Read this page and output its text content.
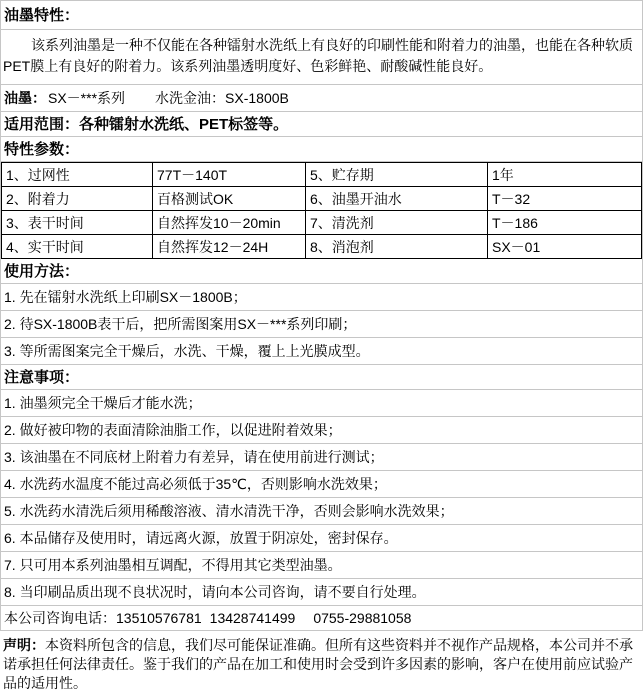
油墨特性：
　　该系列油墨是一种不仅能在各种镭射水洗纸上有良好的印刷性能和附着力的油墨，也能在各种软质PET膜上有良好的附着力。该系列油墨透明度好、色彩鲜艳、耐酸碱性能良好。
油墨： SX－***系列 水洗金油：SX-1800B
适用范围：各种镭射水洗纸、PET标签等。
特性参数：
1、过网性	77T－140T	5、贮存期	1年
2、附着力	百格测试OK	6、油墨开油水	T－32
3、表干时间	自然挥发10－20min	7、清洗剂	T－186
4、实干时间	自然挥发12－24H	8、消泡剂	SX－01
使用方法：
1. 先在镭射水洗纸上印刷SX－1800B；
2. 待SX-1800B表干后，把所需图案用SX－***系列印刷；
3. 等所需图案完全干燥后，水洗、干燥，覆上上光膜成型。
注意事项：
1. 油墨须完全干燥后才能水洗；
2. 做好被印物的表面清除油脂工作，以促进附着效果；
3. 该油墨在不同底材上附着力有差异，请在使用前进行测试；
4. 水洗药水温度不能过高必须低于35℃，否则影响水洗效果；
5. 水洗药水清洗后须用稀酸溶液、清水清洗干净，否则会影响水洗效果；
6. 本品储存及使用时，请远离火源，放置于阴凉处，密封保存。
7. 只可用本系列油墨相互调配，不得用其它类型油墨。
8. 当印刷品质出现不良状况时，请向本公司咨询，请不要自行处理。
本公司咨询电话：13510576781 13428741499 0755-29881058
声明：本资料所包含的信息，我们尽可能保证准确。但所有这些资料并不视作产品规格，本公司并不承诺承担任何法律责任。鉴于我们的产品在加工和使用时会受到许多因素的影响，客户在使用前应试验产品的适用性。
